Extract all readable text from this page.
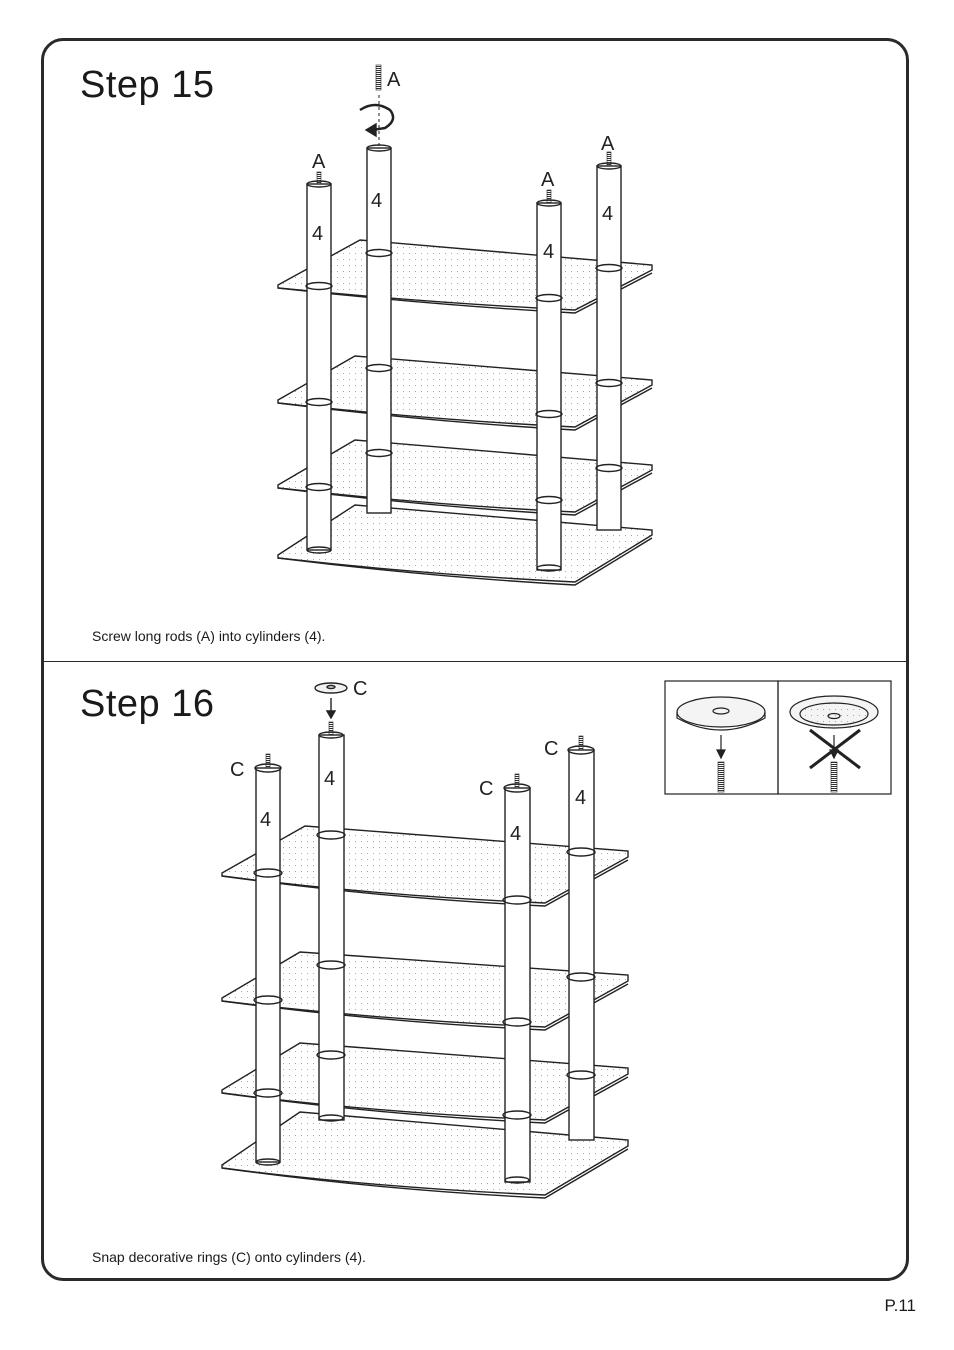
Step 15
Screw long rods (A) into cylinders (4).
Step 16
Snap decorative rings (C) onto cylinders (4).
P.11
A
A
A
A
4
4
4
4
C
C
C
C
4
4
4
4
